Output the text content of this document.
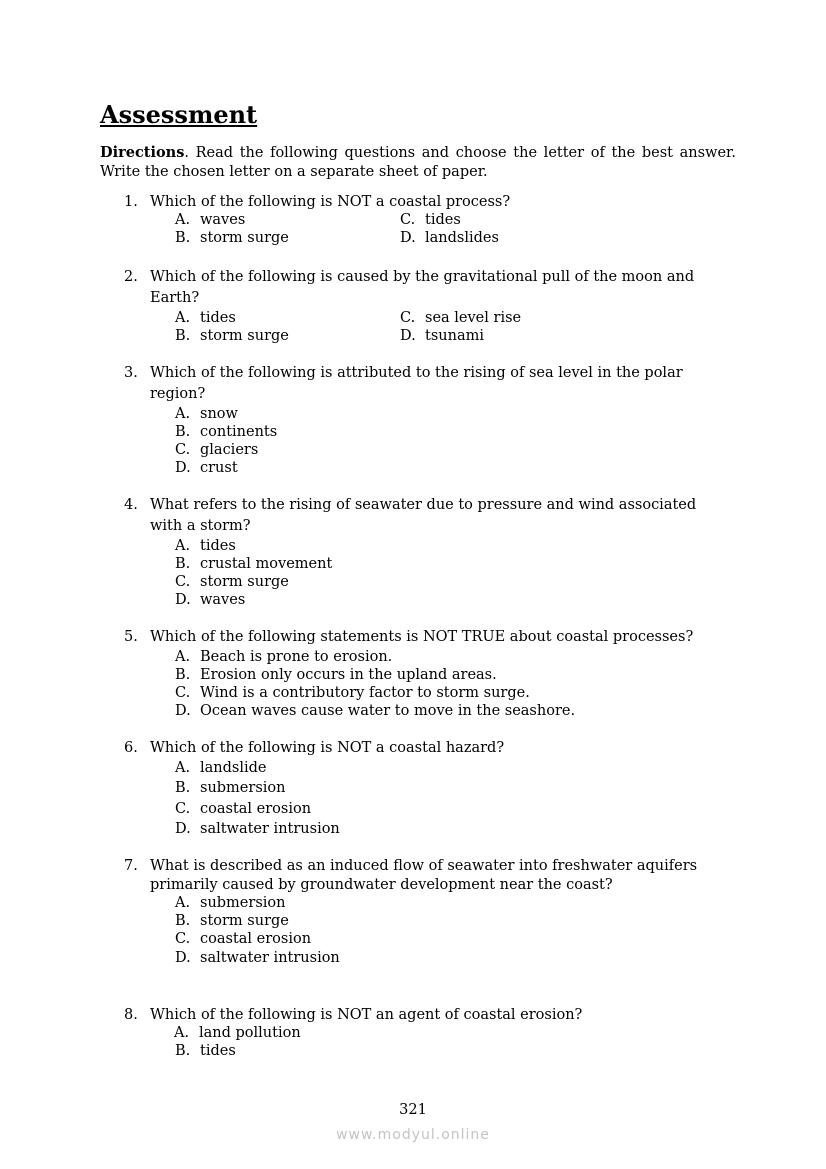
Assessment
Directions. Read the following questions and choose the letter of the best answer. Write the chosen letter on a separate sheet of paper.
1. Which of the following is NOT a coastal process?
A. waves	C. tides
B. storm surge	D. landslides
2. Which of the following is caused by the gravitational pull of the moon and Earth?
A. tides	C. sea level rise
B. storm surge	D. tsunami
3. Which of the following is attributed to the rising of sea level in the polar region?
A. snow
B. continents
C. glaciers
D. crust
4. What refers to the rising of seawater due to pressure and wind associated with a storm?
A. tides
B. crustal movement
C. storm surge
D. waves
5. Which of the following statements is NOT TRUE about coastal processes?
A. Beach is prone to erosion.
B. Erosion only occurs in the upland areas.
C. Wind is a contributory factor to storm surge.
D. Ocean waves cause water to move in the seashore.
6. Which of the following is NOT a coastal hazard?
A. landslide
B. submersion
C. coastal erosion
D. saltwater intrusion
7. What is described as an induced flow of seawater into freshwater aquifers primarily caused by groundwater development near the coast?
A. submersion
B. storm surge
C. coastal erosion
D. saltwater intrusion
8. Which of the following is NOT an agent of coastal erosion?
A. land pollution
B. tides
321
www.modyul.online
